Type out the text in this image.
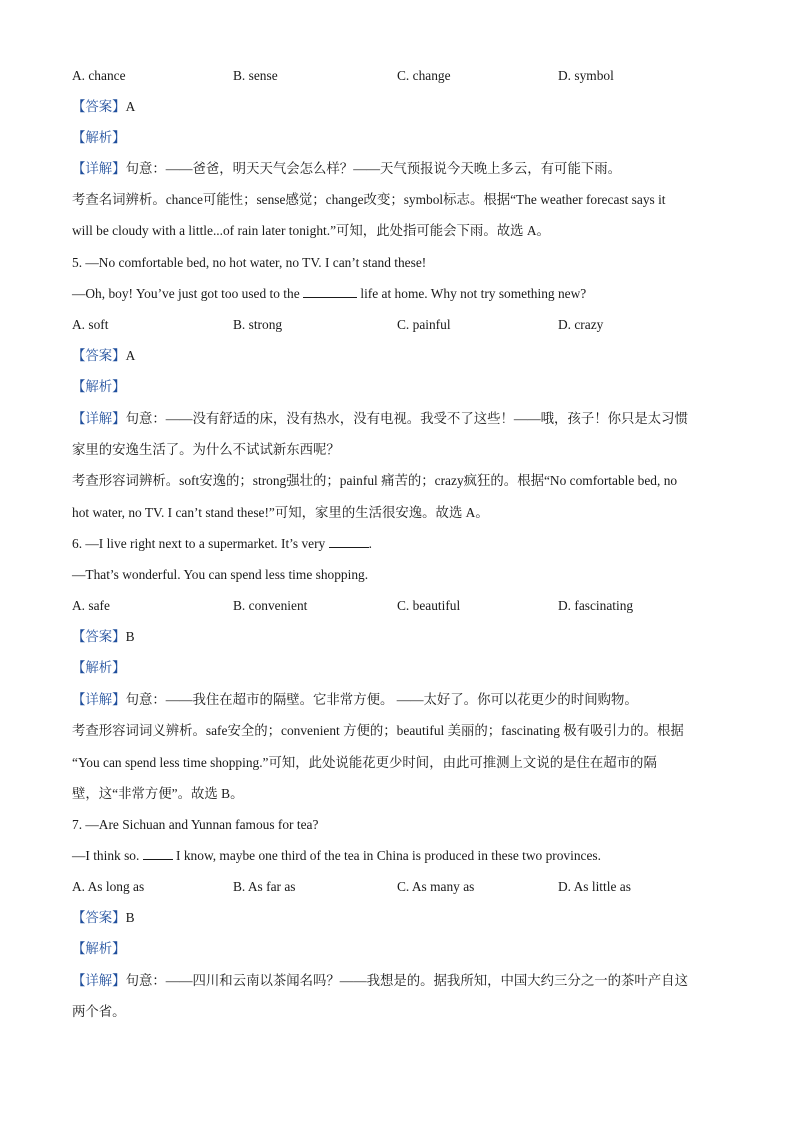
A. chance	B. sense	C. change	D. symbol
【答案】A
【解析】
【详解】句意：——爸爸，明天天气会怎么样？——天气预报说今天晚上多云，有可能下雨。
考查名词辨析。chance可能性；sense感觉；change改变；symbol标志。根据“The weather forecast says it
will be cloudy with a little...of rain later tonight.”可知，此处指可能会下雨。故选 A。
5. —No comfortable bed, no hot water, no TV. I can’t stand these!
—Oh, boy! You’ve just got too used to the	life at home. Why not try something new?
A. soft	B. strong	C. painful	D. crazy
【答案】A
【解析】
【详解】句意：——没有舒适的床，没有热水，没有电视。我受不了这些！——哦，孩子！你只是太习惯
家里的安逸生活了。为什么不试试新东西呢？
考查形容词辨析。soft安逸的；strong强壮的；painful 痛苦的；crazy疯狂的。根据“No comfortable bed, no
hot water, no TV. I can’t stand these!”可知，家里的生活很安逸。故选 A。
6. —I live right next to a supermarket. It’s very	.
—That’s wonderful. You can spend less time shopping.
A. safe	B. convenient	C. beautiful	D. fascinating
【答案】B
【解析】
【详解】句意：——我住在超市的隔壁。它非常方便。 ——太好了。你可以花更少的时间购物。
考查形容词词义辨析。safe安全的；convenient 方便的；beautiful 美丽的；fascinating 极有吸引力的。根据
“You can spend less time shopping.”可知，此处说能花更少时间，由此可推测上文说的是住在超市的隔
壁，这“非常方便”。故选 B。
7. —Are Sichuan and Yunnan famous for tea?
—I think so.	I know, maybe one third of the tea in China is produced in these two provinces.
A. As long as	B. As far as	C. As many as	D. As little as
【答案】B
【解析】
【详解】句意：——四川和云南以茶闻名吗？——我想是的。据我所知，中国大约三分之一的茶叶产自这
两个省。
